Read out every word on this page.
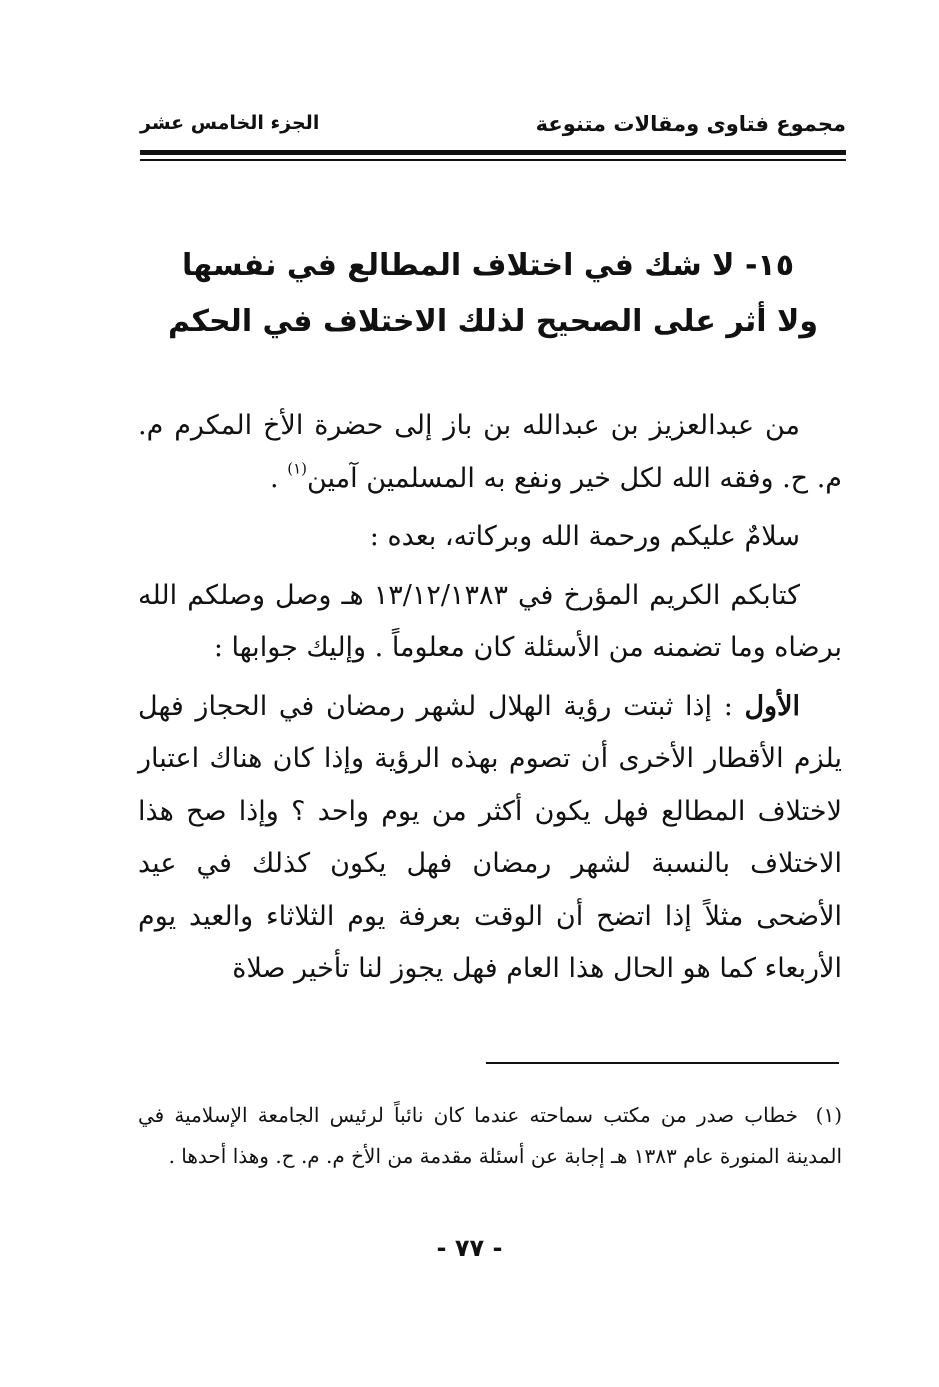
مجموع فتاوى ومقالات متنوعة
الجزء الخامس عشر
١٥- لا شك في اختلاف المطالع في نفسها
ولا أثر على الصحيح لذلك الاختلاف في الحكم

من عبدالعزيز بن عبدالله بن باز إلى حضرة الأخ المكرم م. م. ح. وفقه الله لكل خير ونفع به المسلمين آمين$^{(١)}$ .

سلامٌ عليكم ورحمة الله وبركاته، بعده :

كتابكم الكريم المؤرخ في ١٣/١٢/١٣٨٣ هـ وصل وصلكم الله برضاه وما تضمنه من الأسئلة كان معلوماً . وإليك جوابها :

الأول : إذا ثبتت رؤية الهلال لشهر رمضان في الحجاز فهل يلزم الأقطار الأخرى أن تصوم بهذه الرؤية وإذا كان هناك اعتبار لاختلاف المطالع فهل يكون أكثر من يوم واحد ؟ وإذا صح هذا الاختلاف بالنسبة لشهر رمضان فهل يكون كذلك في عيد الأضحى مثلاً إذا اتضح أن الوقت بعرفة يوم الثلاثاء والعيد يوم الأربعاء كما هو الحال هذا العام فهل يجوز لنا تأخير صلاة

(١)خطاب صدر من مكتب سماحته عندما كان نائباً لرئيس الجامعة الإسلامية في المدينة المنورة عام ١٣٨٣ هـ إجابة عن أسئلة مقدمة من الأخ م. م. ح. وهذا أحدها .
- ٧٧ -
